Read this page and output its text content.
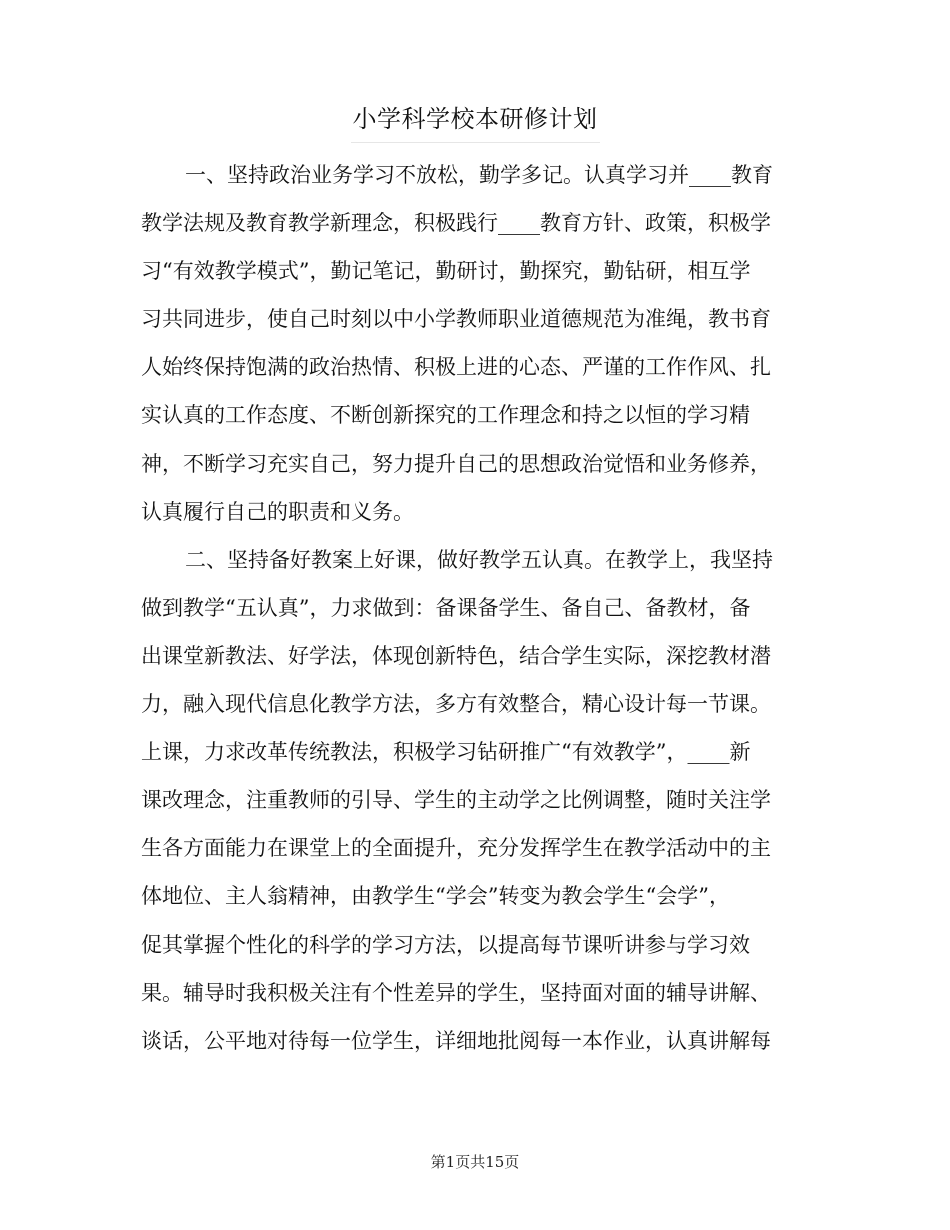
小学科学校本研修计划
一、坚持政治业务学习不放松，勤学多记。认真学习并____教育
教学法规及教育教学新理念，积极践行____教育方针、政策，积极学
习“有效教学模式”，勤记笔记，勤研讨，勤探究，勤钻研，相互学
习共同进步，使自己时刻以中小学教师职业道德规范为准绳，教书育
人始终保持饱满的政治热情、积极上进的心态、严谨的工作作风、扎
实认真的工作态度、不断创新探究的工作理念和持之以恒的学习精
神，不断学习充实自己，努力提升自己的思想政治觉悟和业务修养，
认真履行自己的职责和义务。
二、坚持备好教案上好课，做好教学五认真。在教学上，我坚持
做到教学“五认真”，力求做到：备课备学生、备自己、备教材，备
出课堂新教法、好学法，体现创新特色，结合学生实际，深挖教材潜
力，融入现代信息化教学方法，多方有效整合，精心设计每一节课。
上课，力求改革传统教法，积极学习钻研推广“有效教学”，____新
课改理念，注重教师的引导、学生的主动学之比例调整，随时关注学
生各方面能力在课堂上的全面提升，充分发挥学生在教学活动中的主
体地位、主人翁精神，由教学生“学会”转变为教会学生“会学”，
促其掌握个性化的科学的学习方法，以提高每节课听讲参与学习效
果。辅导时我积极关注有个性差异的学生，坚持面对面的辅导讲解、
谈话，公平地对待每一位学生，详细地批阅每一本作业，认真讲解每
第1页共15页
